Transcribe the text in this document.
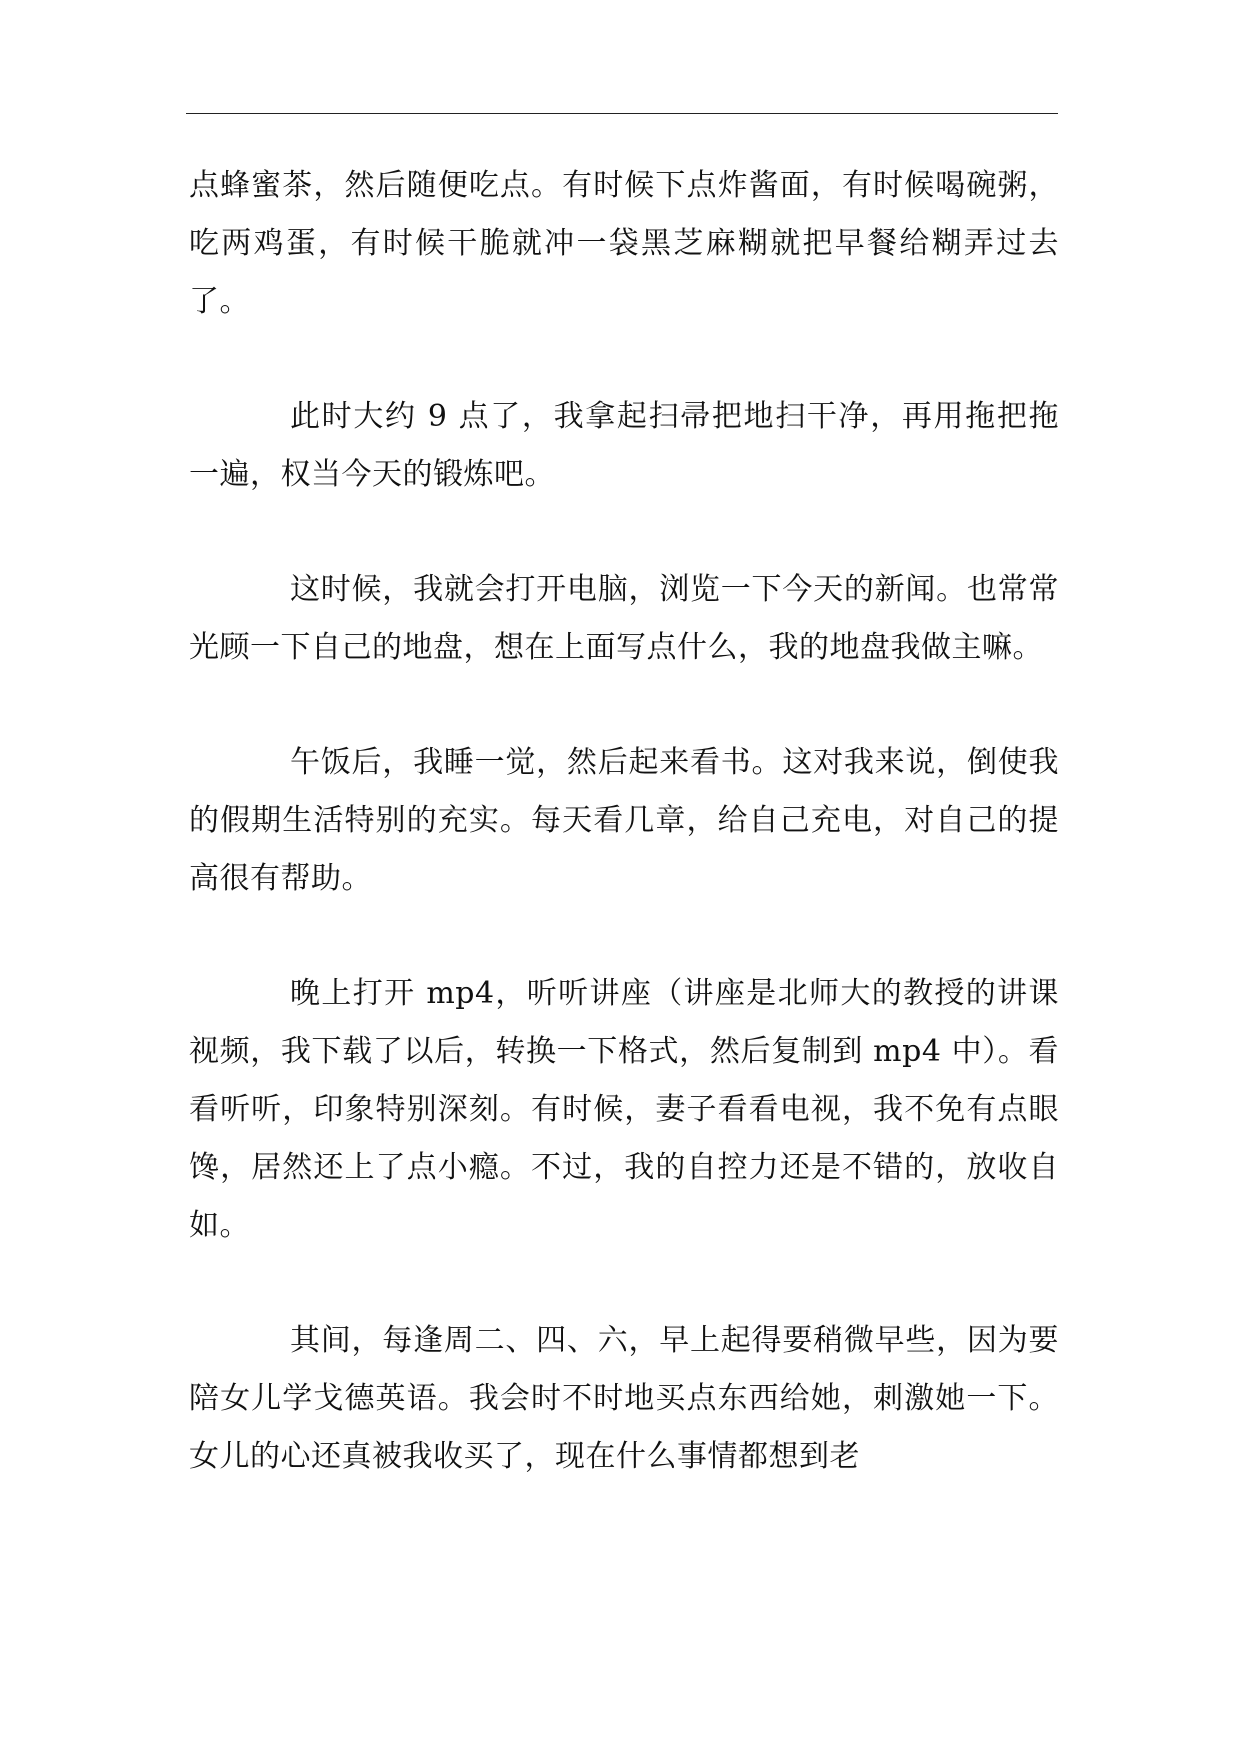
点蜂蜜茶，然后随便吃点。有时候下点炸酱面，有时候喝碗粥，吃两鸡蛋，有时候干脆就冲一袋黑芝麻糊就把早餐给糊弄过去了。

此时大约 9 点了，我拿起扫帚把地扫干净，再用拖把拖一遍，权当今天的锻炼吧。

这时候，我就会打开电脑，浏览一下今天的新闻。也常常光顾一下自己的地盘，想在上面写点什么，我的地盘我做主嘛。

午饭后，我睡一觉，然后起来看书。这对我来说，倒使我的假期生活特别的充实。每天看几章，给自己充电，对自己的提高很有帮助。

晚上打开 mp4，听听讲座（讲座是北师大的教授的讲课视频，我下载了以后，转换一下格式，然后复制到 mp4 中）。看看听听，印象特别深刻。有时候，妻子看看电视，我不免有点眼馋，居然还上了点小瘾。不过，我的自控力还是不错的，放收自如。

其间，每逢周二、四、六，早上起得要稍微早些，因为要陪女儿学戈德英语。我会时不时地买点东西给她，刺激她一下。女儿的心还真被我收买了，现在什么事情都想到老
